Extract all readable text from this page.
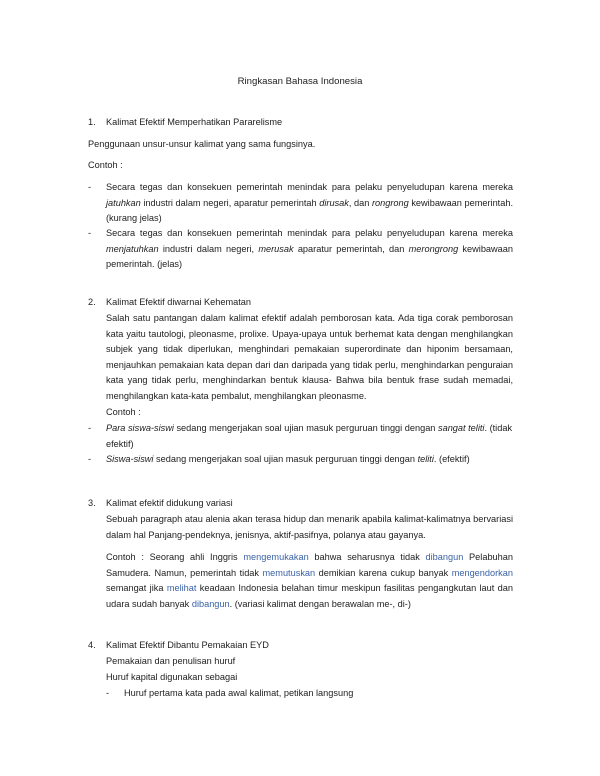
Ringkasan Bahasa Indonesia
1. Kalimat Efektif Memperhatikan Pararelisme
Penggunaan unsur-unsur kalimat yang sama fungsinya.
Contoh :
- Secara tegas dan konsekuen pemerintah menindak para pelaku penyeludupan karena mereka jatuhkan industri dalam negeri, aparatur pemerintah dirusak, dan rongrong kewibawaan pemerintah. (kurang jelas)
- Secara tegas dan konsekuen pemerintah menindak para pelaku penyeludupan karena mereka menjatuhkan industri dalam negeri, merusak aparatur pemerintah, dan merongrong kewibawaan pemerintah. (jelas)
2. Kalimat Efektif diwarnai Kehematan
Salah satu pantangan dalam kalimat efektif adalah pemborosan kata. Ada tiga corak pemborosan kata yaitu tautologi, pleonasme, prolixe. Upaya-upaya untuk berhemat kata dengan menghilangkan subjek yang tidak diperlukan, menghindari pemakaian superordinate dan hiponim bersamaan, menjauhkan pemakaian kata depan dari dan daripada yang tidak perlu, menghindarkan penguraian kata yang tidak perlu, menghindarkan bentuk klausa- Bahwa bila bentuk frase sudah memadai, menghilangkan kata-kata pembalut, menghilangkan pleonasme.
Contoh :
- Para siswa-siswi sedang mengerjakan soal ujian masuk perguruan tinggi dengan sangat teliti. (tidak efektif)
- Siswa-siswi sedang mengerjakan soal ujian masuk perguruan tinggi dengan teliti. (efektif)
3. Kalimat efektif didukung variasi
Sebuah paragraph atau alenia akan terasa hidup dan menarik apabila kalimat-kalimatnya bervariasi dalam hal Panjang-pendeknya, jenisnya, aktif-pasifnya, polanya atau gayanya.
Contoh : Seorang ahli Inggris mengemukakan bahwa seharusnya tidak dibangun Pelabuhan Samudera. Namun, pemerintah tidak memutuskan demikian karena cukup banyak mengendorkan semangat jika melihat keadaan Indonesia belahan timur meskipun fasilitas pengangkutan laut dan udara sudah banyak dibangun. (variasi kalimat dengan berawalan me-, di-)
4. Kalimat Efektif Dibantu Pemakaian EYD
Pemakaian dan penulisan huruf
Huruf kapital digunakan sebagai
- Huruf pertama kata pada awal kalimat, petikan langsung
